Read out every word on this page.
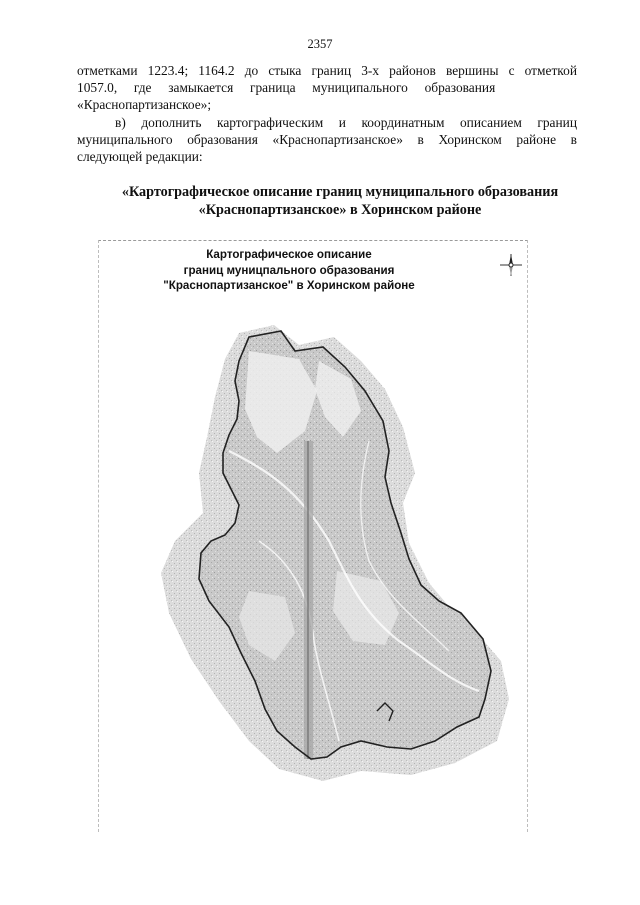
2357
отметками 1223.4; 1164.2 до стыка границ 3-х районов вершины с отметкой
1057.0,     где     замыкается     граница     муниципального     образования
«Краснопартизанское»;
в) дополнить картографическим и координатным описанием границ
муниципального образования «Краснопартизанское» в Хоринском районе в
следующей редакции:
«Картографическое описание границ муниципального образования
«Краснопартизанское» в Хоринском районе
Картографическое описание
границ муницпального образования
"Краснопартизанское" в Хоринском районе
